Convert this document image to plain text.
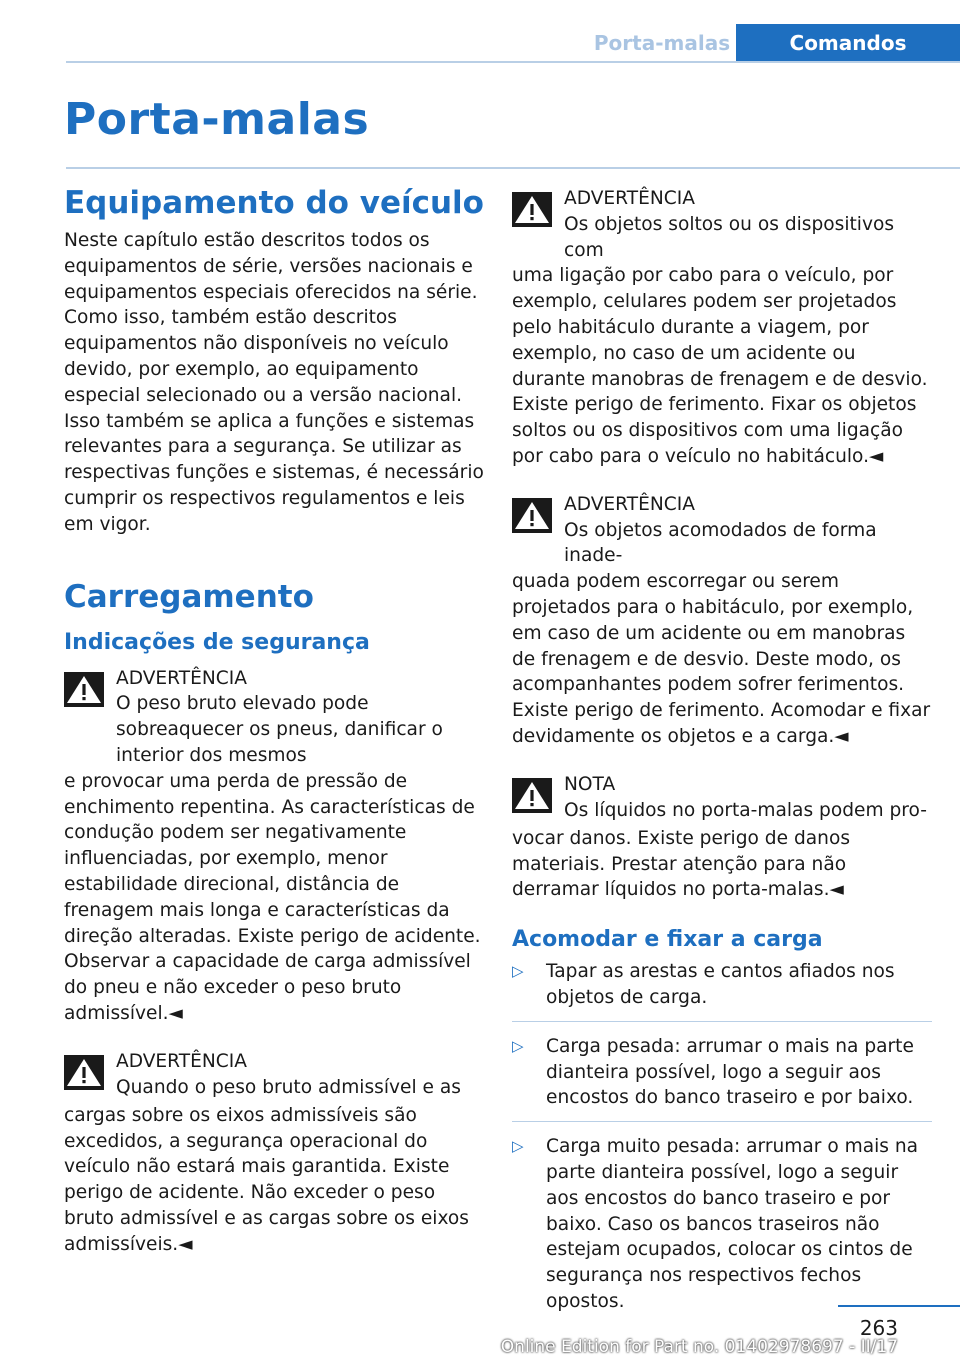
Porta-malas	Comandos
Porta-malas
Equipamento do veículo

Neste capítulo estão descritos todos os equipamentos de série, versões nacionais e equipamentos especiais oferecidos na série. Como isso, também estão descritos equipamentos não disponíveis no veículo devido, por exemplo, ao equipamento especial selecionado ou a versão nacional. Isso também se aplica a funções e sistemas relevantes para a segurança. Se utilizar as respectivas funções e sistemas, é necessário cumprir os respectivos regulamentos e leis em vigor.

Carregamento
Indicações de segurança
ADVERTÊNCIA
O peso bruto elevado pode sobreaquecer os pneus, danificar o interior dos mesmos
e provocar uma perda de pressão de enchimento repentina. As características de condução podem ser negativamente influenciadas, por exemplo, menor estabilidade direcional, distância de frenagem mais longa e características da direção alteradas. Existe perigo de acidente. Observar a capacidade de carga admissível do pneu e não exceder o peso bruto admissível.◄
ADVERTÊNCIA
Quando o peso bruto admissível e as
cargas sobre os eixos admissíveis são excedidos, a segurança operacional do veículo não estará mais garantida. Existe perigo de acidente. Não exceder o peso bruto admissível e as cargas sobre os eixos admissíveis.◄
ADVERTÊNCIA
Os objetos soltos ou os dispositivos com
uma ligação por cabo para o veículo, por exemplo, celulares podem ser projetados pelo habitáculo durante a viagem, por exemplo, no caso de um acidente ou durante manobras de frenagem e de desvio. Existe perigo de ferimento. Fixar os objetos soltos ou os dispositivos com uma ligação por cabo para o veículo no habitáculo.◄
ADVERTÊNCIA
Os objetos acomodados de forma inade-
quada podem escorregar ou serem projetados para o habitáculo, por exemplo, em caso de um acidente ou em manobras de frenagem e de desvio. Deste modo, os acompanhantes podem sofrer ferimentos. Existe perigo de ferimento. Acomodar e fixar devidamente os objetos e a carga.◄
NOTA
Os líquidos no porta-malas podem pro-
vocar danos. Existe perigo de danos materiais. Prestar atenção para não derramar líquidos no porta-malas.◄
Acomodar e fixar a carga
▷ Tapar as arestas e cantos afiados nos objetos de carga.
▷ Carga pesada: arrumar o mais na parte dianteira possível, logo a seguir aos encostos do banco traseiro e por baixo.
▷ Carga muito pesada: arrumar o mais na parte dianteira possível, logo a seguir aos encostos do banco traseiro e por baixo. Caso os bancos traseiros não estejam ocupados, colocar os cintos de segurança nos respectivos fechos opostos.
263
Online Edition for Part no. 01402978697 - II/17
